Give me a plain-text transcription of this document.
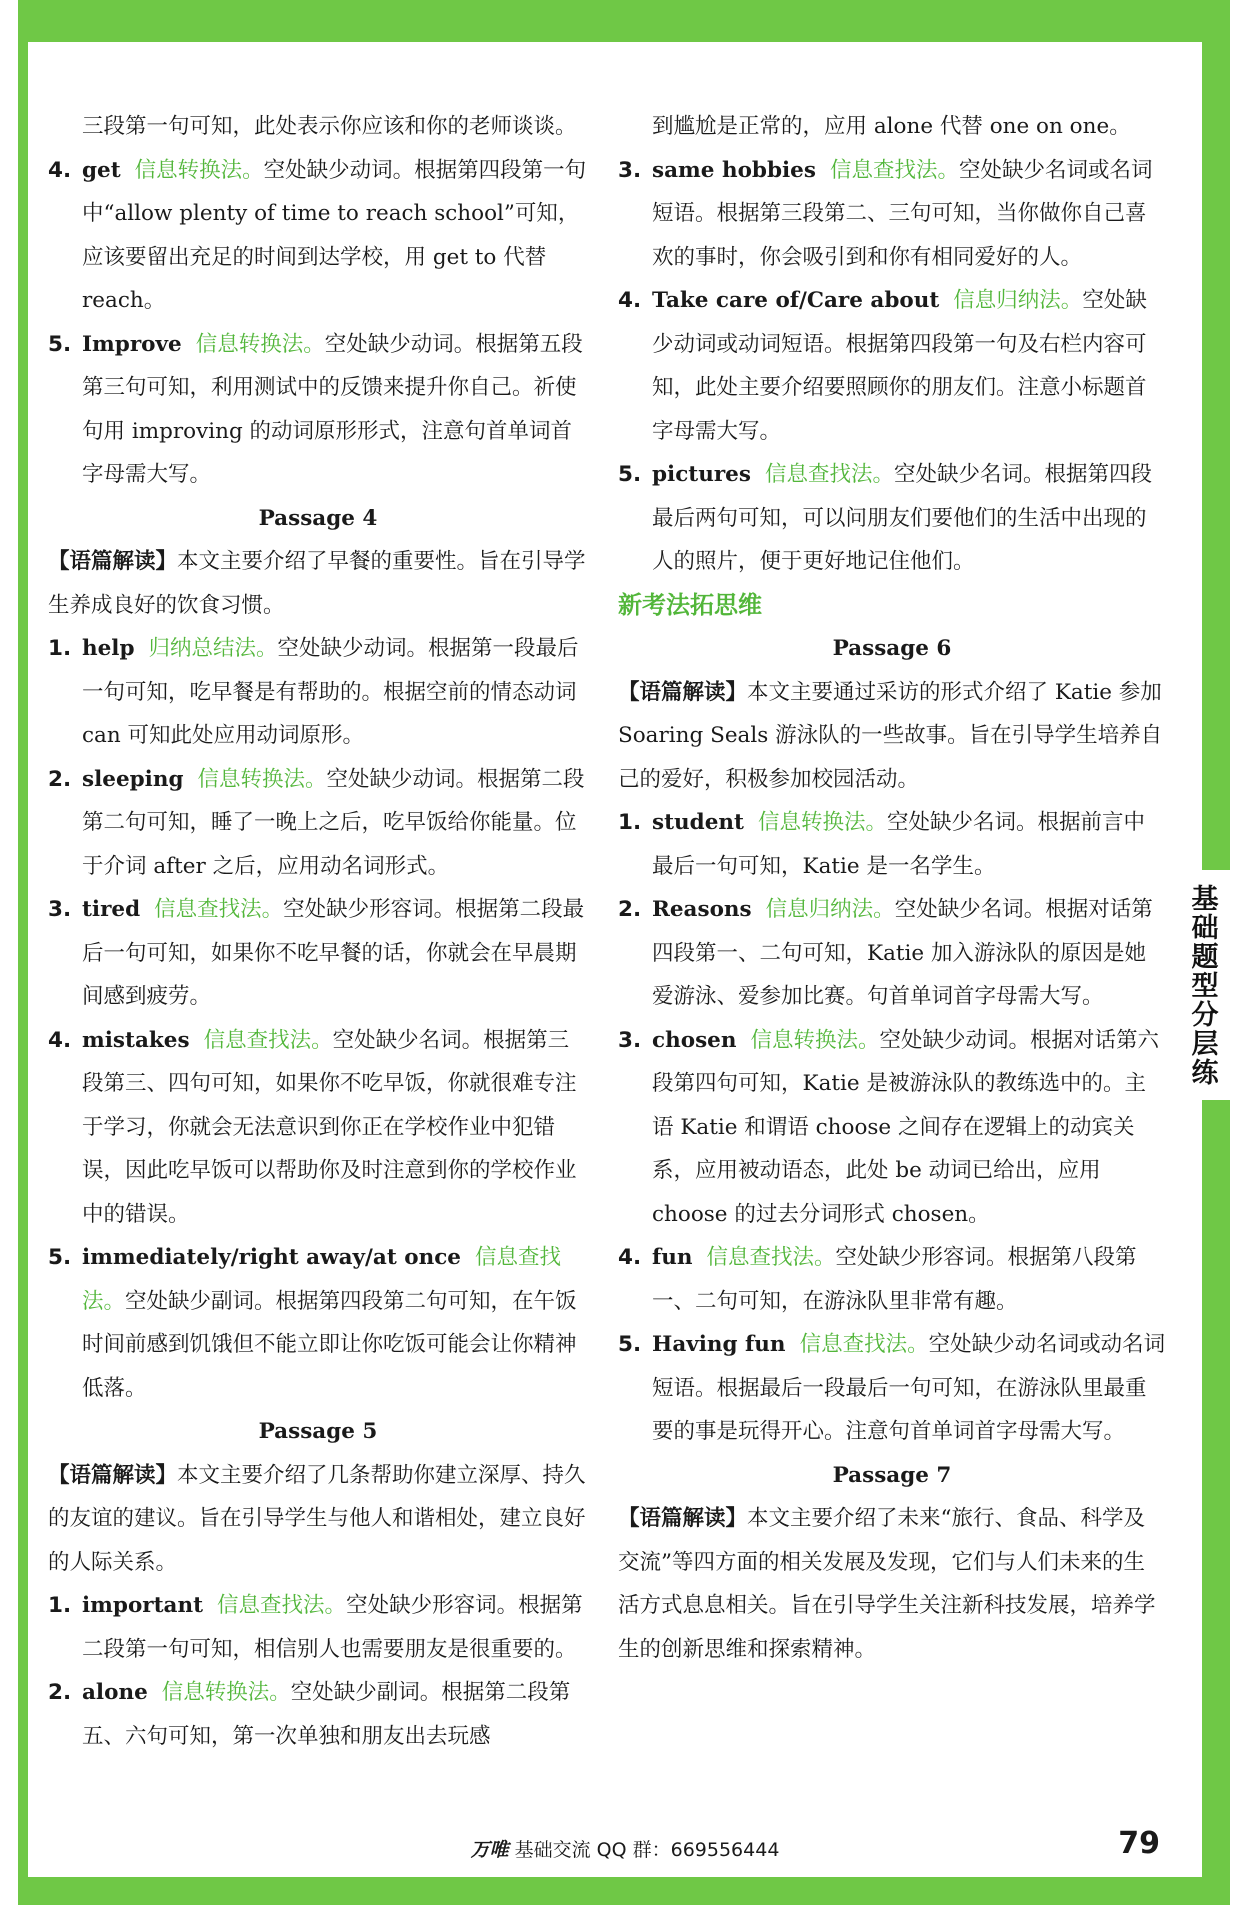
基础题型分层练

三段第一句可知，此处表示你应该和你的老师谈谈。

4. get 信息转换法。空处缺少动词。根据第四段第一句中“allow plenty of time to reach school”可知，应该要留出充足的时间到达学校，用 get to 代替 reach。
5. Improve 信息转换法。空处缺少动词。根据第五段第三句可知，利用测试中的反馈来提升你自己。祈使句用 improving 的动词原形形式，注意句首单词首字母需大写。

Passage 4

【语篇解读】本文主要介绍了早餐的重要性。旨在引导学生养成良好的饮食习惯。

1. help 归纳总结法。空处缺少动词。根据第一段最后一句可知，吃早餐是有帮助的。根据空前的情态动词 can 可知此处应用动词原形。
2. sleeping 信息转换法。空处缺少动词。根据第二段第二句可知，睡了一晚上之后，吃早饭给你能量。位于介词 after 之后，应用动名词形式。
3. tired 信息查找法。空处缺少形容词。根据第二段最后一句可知，如果你不吃早餐的话，你就会在早晨期间感到疲劳。
4. mistakes 信息查找法。空处缺少名词。根据第三段第三、四句可知，如果你不吃早饭，你就很难专注于学习，你就会无法意识到你正在学校作业中犯错误，因此吃早饭可以帮助你及时注意到你的学校作业中的错误。
5. immediately/right away/at once 信息查找法。空处缺少副词。根据第四段第二句可知，在午饭时间前感到饥饿但不能立即让你吃饭可能会让你精神低落。

Passage 5

【语篇解读】本文主要介绍了几条帮助你建立深厚、持久的友谊的建议。旨在引导学生与他人和谐相处，建立良好的人际关系。

1. important 信息查找法。空处缺少形容词。根据第二段第一句可知，相信别人也需要朋友是很重要的。
2. alone 信息转换法。空处缺少副词。根据第二段第五、六句可知，第一次单独和朋友出去玩感

到尴尬是正常的，应用 alone 代替 one on one。

3. same hobbies 信息查找法。空处缺少名词或名词短语。根据第三段第二、三句可知，当你做你自己喜欢的事时，你会吸引到和你有相同爱好的人。
4. Take care of/Care about 信息归纳法。空处缺少动词或动词短语。根据第四段第一句及右栏内容可知，此处主要介绍要照顾你的朋友们。注意小标题首字母需大写。
5. pictures 信息查找法。空处缺少名词。根据第四段最后两句可知，可以问朋友们要他们的生活中出现的人的照片，便于更好地记住他们。

新考法拓思维

Passage 6

【语篇解读】本文主要通过采访的形式介绍了 Katie 参加 Soaring Seals 游泳队的一些故事。旨在引导学生培养自己的爱好，积极参加校园活动。

1. student 信息转换法。空处缺少名词。根据前言中最后一句可知，Katie 是一名学生。
2. Reasons 信息归纳法。空处缺少名词。根据对话第四段第一、二句可知，Katie 加入游泳队的原因是她爱游泳、爱参加比赛。句首单词首字母需大写。
3. chosen 信息转换法。空处缺少动词。根据对话第六段第四句可知，Katie 是被游泳队的教练选中的。主语 Katie 和谓语 choose 之间存在逻辑上的动宾关系，应用被动语态，此处 be 动词已给出，应用 choose 的过去分词形式 chosen。
4. fun 信息查找法。空处缺少形容词。根据第八段第一、二句可知，在游泳队里非常有趣。
5. Having fun 信息查找法。空处缺少动名词或动名词短语。根据最后一段最后一句可知，在游泳队里最重要的事是玩得开心。注意句首单词首字母需大写。

Passage 7

【语篇解读】本文主要介绍了未来“旅行、食品、科学及交流”等四方面的相关发展及发现，它们与人们未来的生活方式息息相关。旨在引导学生关注新科技发展，培养学生的创新思维和探索精神。

万唯 基础交流 QQ 群：669556444	79
